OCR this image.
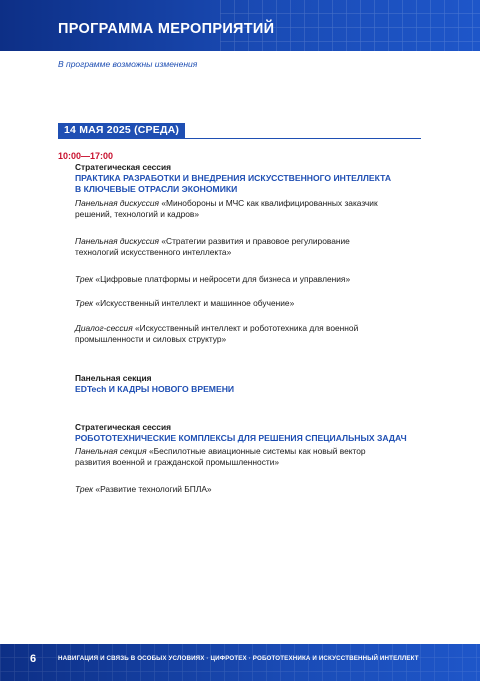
ПРОГРАММА МЕРОПРИЯТИЙ
В программе возможны изменения
14 МАЯ 2025 (СРЕДА)
10:00—17:00
Стратегическая сессия
ПРАКТИКА РАЗРАБОТКИ И ВНЕДРЕНИЯ ИСКУССТВЕННОГО ИНТЕЛЛЕКТА
В КЛЮЧЕВЫЕ ОТРАСЛИ ЭКОНОМИКИ
Панельная дискуссия «Минобороны и МЧС как квалифицированных заказчик
решений, технологий и кадров»
Панельная дискуссия «Стратегии развития и правовое регулирование
технологий искусственного интеллекта»
Трек «Цифровые платформы и нейросети для бизнеса и управления»
Трек «Искусственный интеллект и машинное обучение»
Диалог-сессия «Искусственный интеллект и робототехника для военной
промышленности и силовых структур»
Панельная секция
EDTech И КАДРЫ НОВОГО ВРЕМЕНИ
Стратегическая сессия
РОБОТОТЕХНИЧЕСКИЕ КОМПЛЕКСЫ ДЛЯ РЕШЕНИЯ СПЕЦИАЛЬНЫХ ЗАДАЧ
Панельная секция «Беспилотные авиационные системы как новый вектор
развития военной и гражданской промышленности»
Трек «Развитие технологий БПЛА»
6	НАВИГАЦИЯ И СВЯЗЬ В ОСОБЫХ УСЛОВИЯХ · ЦИФРОТЕХ · РОБОТОТЕХНИКА И ИСКУССТВЕННЫЙ ИНТЕЛЛЕКТ
